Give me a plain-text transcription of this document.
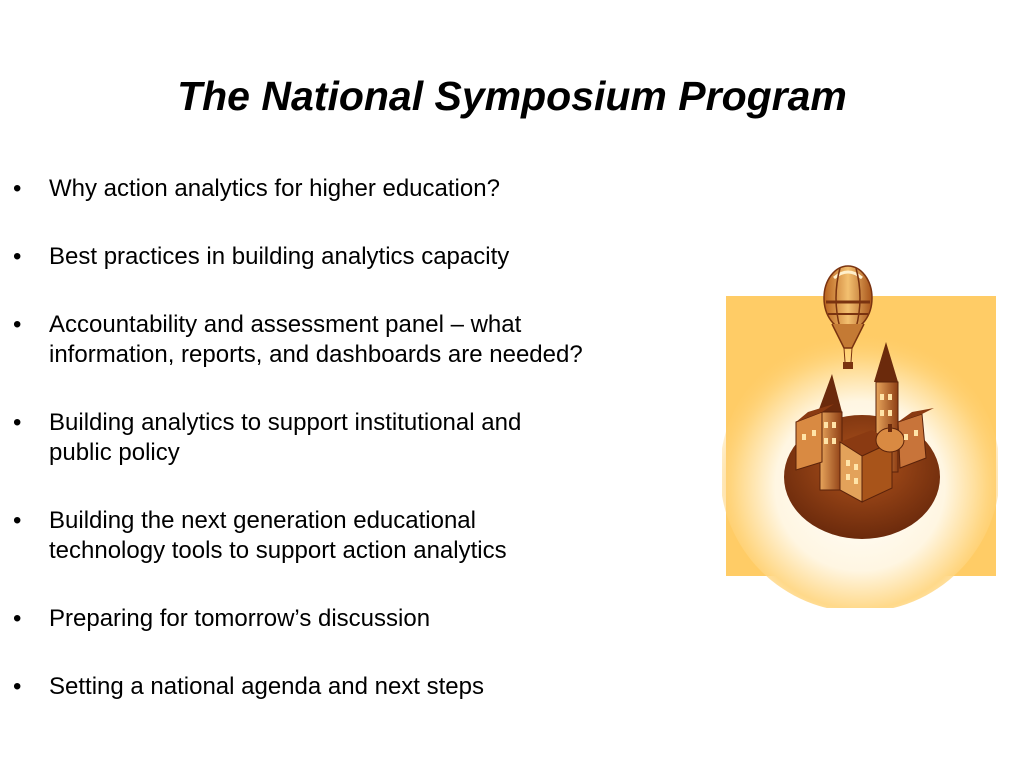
The National Symposium Program
• Why action analytics for higher education?
• Best practices in building analytics capacity
• Accountability and assessment panel – what
information, reports, and dashboards are needed?
• Building analytics to support institutional and
public policy
• Building the next generation educational
technology tools to support action analytics
• Preparing for tomorrow’s discussion
• Setting a national agenda and next steps
